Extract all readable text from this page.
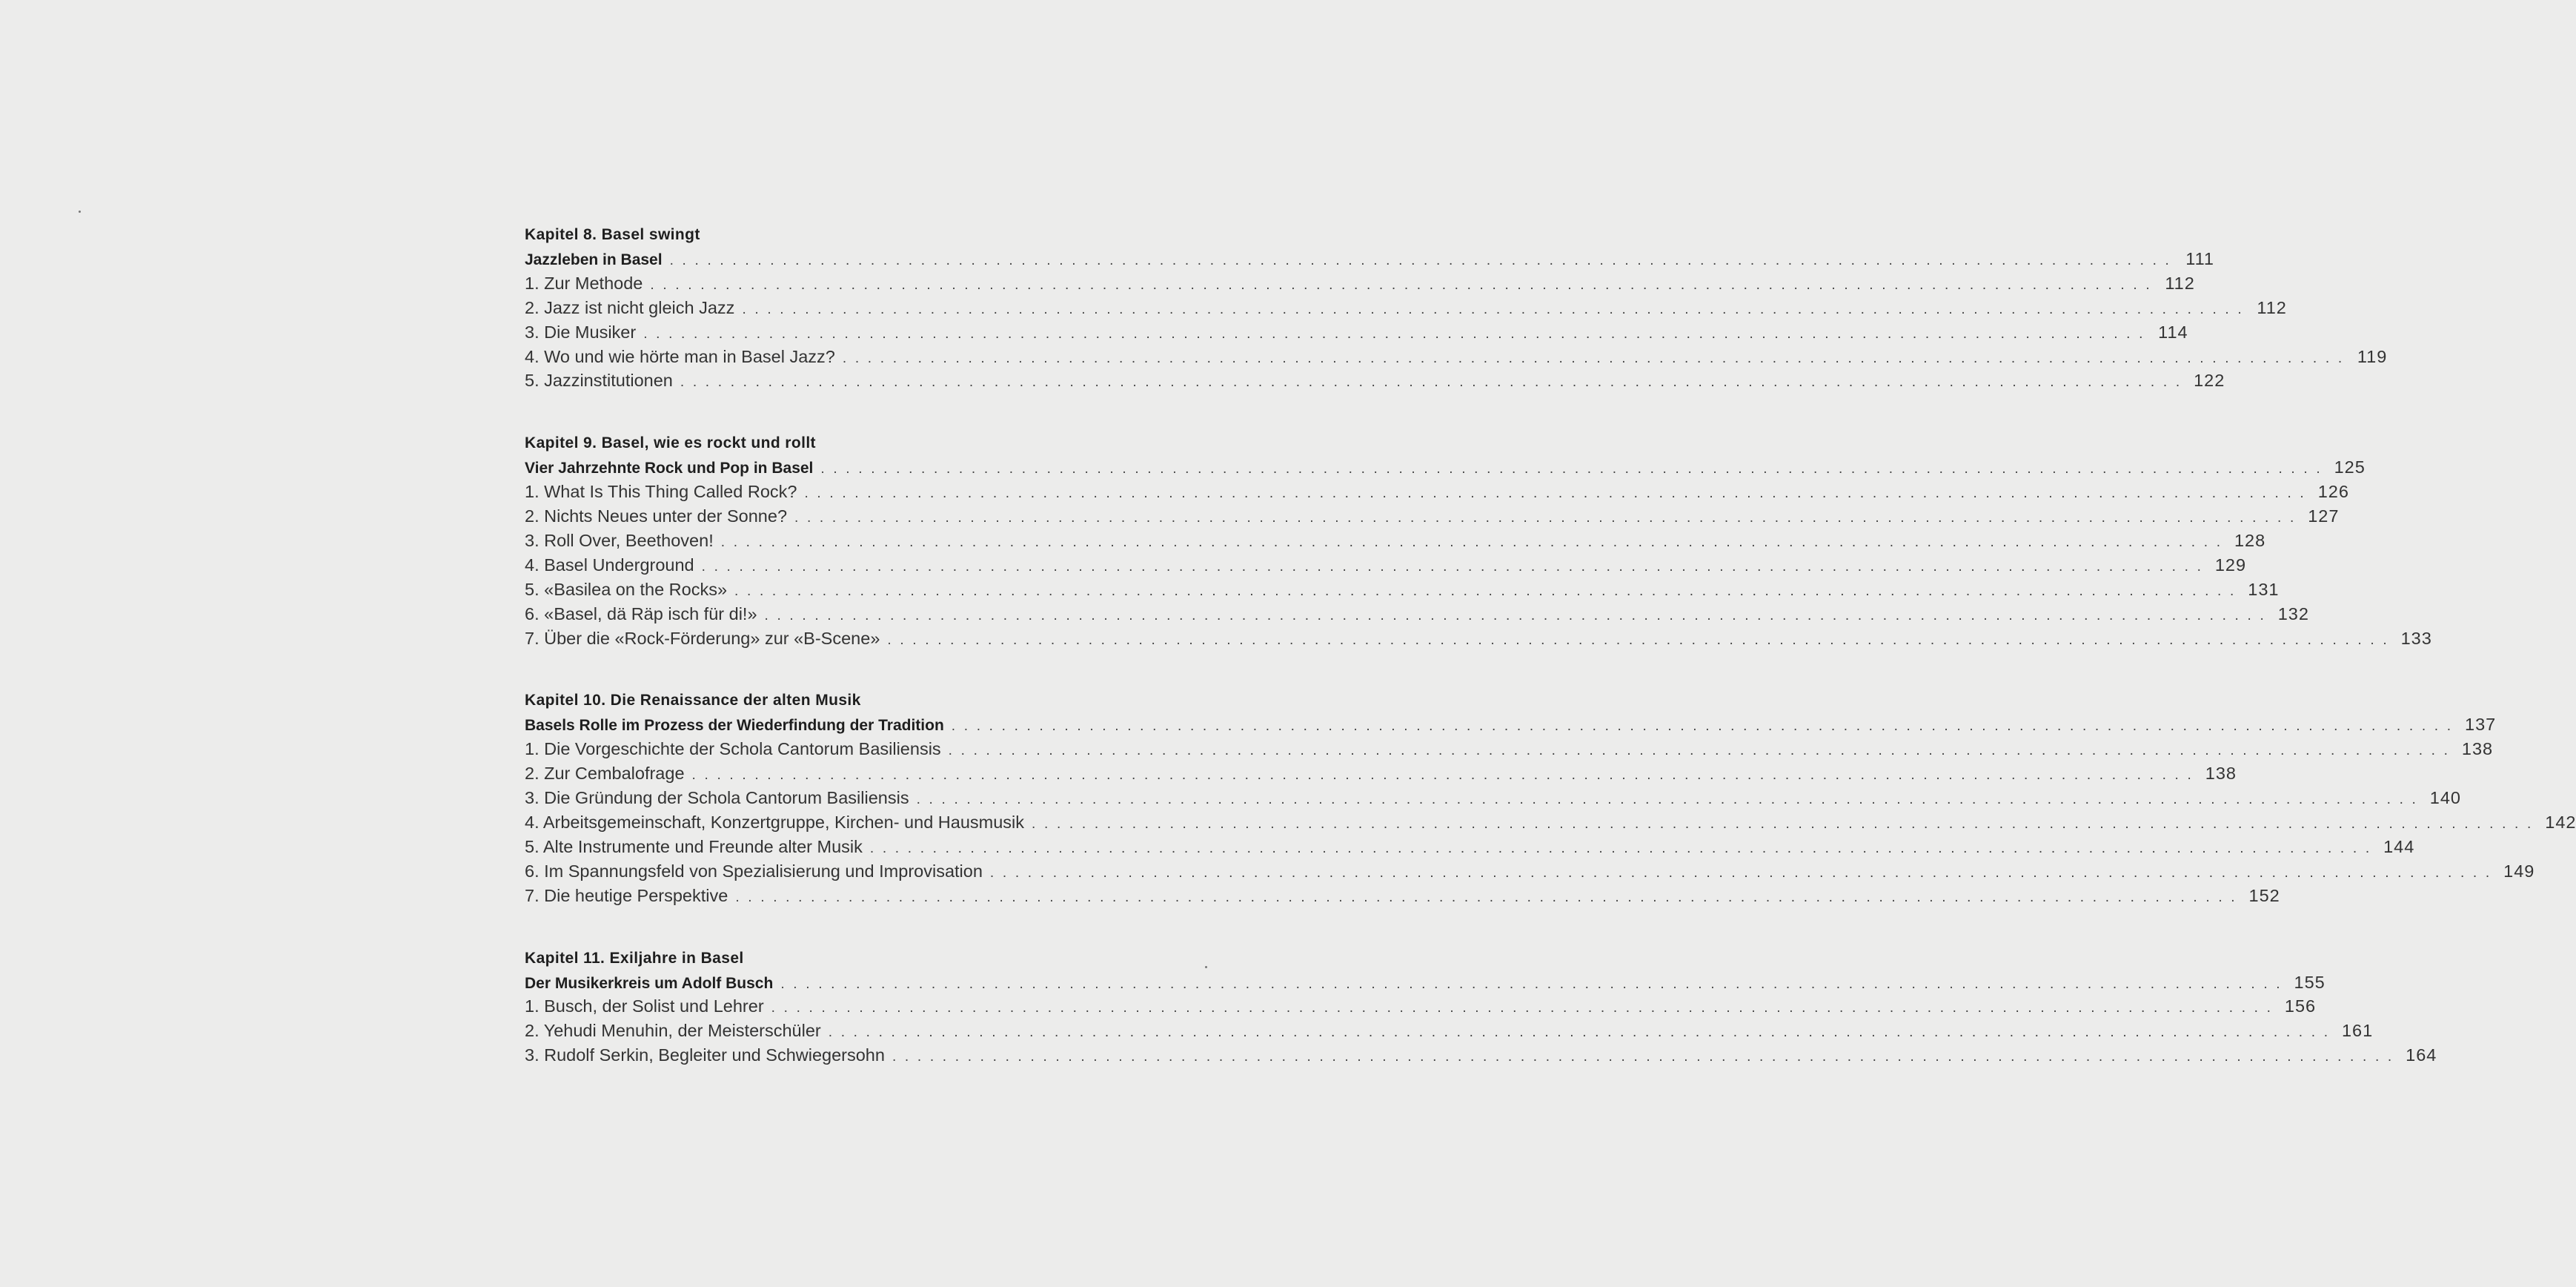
Kapitel 8. Basel swingt
Jazzleben in Basel . . . . . . . . . . . . . . . . . . . . . . . . . . . . . . . . . . . . . . . . . . . . . . . . . . . . . . . . . . . . . . . . . . . . . . . . . . . . . . . . . . . . . . . . . . . . . . . . . . . . . . . . . . . . . . . . . . . . . . . . 111
1. Zur Methode . . . . . . . . . . . . . . . . . . . . . . . . . . . . . . . . . . . . . . . . . . . . . . . . . . . . . . . . . . . . . . . . . . . . . . . . . . . . . . . . . . . . . . . . . . . . . . . . . . . . . . . . . . . . . . . . . . . . . . . . 112
2. Jazz ist nicht gleich Jazz . . . . . . . . . . . . . . . . . . . . . . . . . . . . . . . . . . . . . . . . . . . . . . . . . . . . . . . . . . . . . . . . . . . . . . . . . . . . . . . . . . . . . . . . . . . . . . . . . . . . . . . . . . . . . . . . . . . . . . . . 112
3. Die Musiker . . . . . . . . . . . . . . . . . . . . . . . . . . . . . . . . . . . . . . . . . . . . . . . . . . . . . . . . . . . . . . . . . . . . . . . . . . . . . . . . . . . . . . . . . . . . . . . . . . . . . . . . . . . . . . . . . . . . . . . . 114
4. Wo und wie hörte man in Basel Jazz? . . . . . . . . . . . . . . . . . . . . . . . . . . . . . . . . . . . . . . . . . . . . . . . . . . . . . . . . . . . . . . . . . . . . . . . . . . . . . . . . . . . . . . . . . . . . . . . . . . . . . . . . . . . . . . . . . . . . . . . . 119
5. Jazzinstitutionen . . . . . . . . . . . . . . . . . . . . . . . . . . . . . . . . . . . . . . . . . . . . . . . . . . . . . . . . . . . . . . . . . . . . . . . . . . . . . . . . . . . . . . . . . . . . . . . . . . . . . . . . . . . . . . . . . . . . . . . . 122
Kapitel 9. Basel, wie es rockt und rollt
Vier Jahrzehnte Rock und Pop in Basel . . . . . . . . . . . . . . . . . . . . . . . . . . . . . . . . . . . . . . . . . . . . . . . . . . . . . . . . . . . . . . . . . . . . . . . . . . . . . . . . . . . . . . . . . . . . . . . . . . . . . . . . . . . . . . . . . . . . . . . . 125
1. What Is This Thing Called Rock? . . . . . . . . . . . . . . . . . . . . . . . . . . . . . . . . . . . . . . . . . . . . . . . . . . . . . . . . . . . . . . . . . . . . . . . . . . . . . . . . . . . . . . . . . . . . . . . . . . . . . . . . . . . . . . . . . . . . . . . . 126
2. Nichts Neues unter der Sonne? . . . . . . . . . . . . . . . . . . . . . . . . . . . . . . . . . . . . . . . . . . . . . . . . . . . . . . . . . . . . . . . . . . . . . . . . . . . . . . . . . . . . . . . . . . . . . . . . . . . . . . . . . . . . . . . . . . . . . . . . 127
3. Roll Over, Beethoven! . . . . . . . . . . . . . . . . . . . . . . . . . . . . . . . . . . . . . . . . . . . . . . . . . . . . . . . . . . . . . . . . . . . . . . . . . . . . . . . . . . . . . . . . . . . . . . . . . . . . . . . . . . . . . . . . . . . . . . . . 128
4. Basel Underground . . . . . . . . . . . . . . . . . . . . . . . . . . . . . . . . . . . . . . . . . . . . . . . . . . . . . . . . . . . . . . . . . . . . . . . . . . . . . . . . . . . . . . . . . . . . . . . . . . . . . . . . . . . . . . . . . . . . . . . . 129
5. «Basilea on the Rocks» . . . . . . . . . . . . . . . . . . . . . . . . . . . . . . . . . . . . . . . . . . . . . . . . . . . . . . . . . . . . . . . . . . . . . . . . . . . . . . . . . . . . . . . . . . . . . . . . . . . . . . . . . . . . . . . . . . . . . . . . 131
6. «Basel, dä Räp isch für di!» . . . . . . . . . . . . . . . . . . . . . . . . . . . . . . . . . . . . . . . . . . . . . . . . . . . . . . . . . . . . . . . . . . . . . . . . . . . . . . . . . . . . . . . . . . . . . . . . . . . . . . . . . . . . . . . . . . . . . . . . 132
7. Über die «Rock-Förderung» zur «B-Scene» . . . . . . . . . . . . . . . . . . . . . . . . . . . . . . . . . . . . . . . . . . . . . . . . . . . . . . . . . . . . . . . . . . . . . . . . . . . . . . . . . . . . . . . . . . . . . . . . . . . . . . . . . . . . . . . . . . . . . . . . 133
Kapitel 10. Die Renaissance der alten Musik
Basels Rolle im Prozess der Wiederfindung der Tradition . . . . . . . . . . . . . . . . . . . . . . . . . . . . . . . . . . . . . . . . . . . . . . . . . . . . . . . . . . . . . . . . . . . . . . . . . . . . . . . . . . . . . . . . . . . . . . . . . . . . . . . . . . . . . . . . . . . . . . . . 137
1. Die Vorgeschichte der Schola Cantorum Basiliensis . . . . . . . . . . . . . . . . . . . . . . . . . . . . . . . . . . . . . . . . . . . . . . . . . . . . . . . . . . . . . . . . . . . . . . . . . . . . . . . . . . . . . . . . . . . . . . . . . . . . . . . . . . . . . . . . . . . . . . . . 138
2. Zur Cembalofrage . . . . . . . . . . . . . . . . . . . . . . . . . . . . . . . . . . . . . . . . . . . . . . . . . . . . . . . . . . . . . . . . . . . . . . . . . . . . . . . . . . . . . . . . . . . . . . . . . . . . . . . . . . . . . . . . . . . . . . . . 138
3. Die Gründung der Schola Cantorum Basiliensis . . . . . . . . . . . . . . . . . . . . . . . . . . . . . . . . . . . . . . . . . . . . . . . . . . . . . . . . . . . . . . . . . . . . . . . . . . . . . . . . . . . . . . . . . . . . . . . . . . . . . . . . . . . . . . . . . . . . . . . . 140
4. Arbeitsgemeinschaft, Konzertgruppe, Kirchen- und Hausmusik . . . . . . . . . . . . . . . . . . . . . . . . . . . . . . . . . . . . . . . . . . . . . . . . . . . . . . . . . . . . . . . . . . . . . . . . . . . . . . . . . . . . . . . . . . . . . . . . . . . . . . . . . . . . . . . . . . . . . . . . 142
5. Alte Instrumente und Freunde alter Musik . . . . . . . . . . . . . . . . . . . . . . . . . . . . . . . . . . . . . . . . . . . . . . . . . . . . . . . . . . . . . . . . . . . . . . . . . . . . . . . . . . . . . . . . . . . . . . . . . . . . . . . . . . . . . . . . . . . . . . . . 144
6. Im Spannungsfeld von Spezialisierung und Improvisation . . . . . . . . . . . . . . . . . . . . . . . . . . . . . . . . . . . . . . . . . . . . . . . . . . . . . . . . . . . . . . . . . . . . . . . . . . . . . . . . . . . . . . . . . . . . . . . . . . . . . . . . . . . . . . . . . . . . . . . . 149
7. Die heutige Perspektive . . . . . . . . . . . . . . . . . . . . . . . . . . . . . . . . . . . . . . . . . . . . . . . . . . . . . . . . . . . . . . . . . . . . . . . . . . . . . . . . . . . . . . . . . . . . . . . . . . . . . . . . . . . . . . . . . . . . . . . . 152
Kapitel 11. Exiljahre in Basel
Der Musikerkreis um Adolf Busch . . . . . . . . . . . . . . . . . . . . . . . . . . . . . . . . . . . . . . . . . . . . . . . . . . . . . . . . . . . . . . . . . . . . . . . . . . . . . . . . . . . . . . . . . . . . . . . . . . . . . . . . . . . . . . . . . . . . . . . . 155
1. Busch, der Solist und Lehrer . . . . . . . . . . . . . . . . . . . . . . . . . . . . . . . . . . . . . . . . . . . . . . . . . . . . . . . . . . . . . . . . . . . . . . . . . . . . . . . . . . . . . . . . . . . . . . . . . . . . . . . . . . . . . . . . . . . . . . . . 156
2. Yehudi Menuhin, der Meisterschüler . . . . . . . . . . . . . . . . . . . . . . . . . . . . . . . . . . . . . . . . . . . . . . . . . . . . . . . . . . . . . . . . . . . . . . . . . . . . . . . . . . . . . . . . . . . . . . . . . . . . . . . . . . . . . . . . . . . . . . . . 161
3. Rudolf Serkin, Begleiter und Schwiegersohn . . . . . . . . . . . . . . . . . . . . . . . . . . . . . . . . . . . . . . . . . . . . . . . . . . . . . . . . . . . . . . . . . . . . . . . . . . . . . . . . . . . . . . . . . . . . . . . . . . . . . . . . . . . . . . . . . . . . . . . . 164
